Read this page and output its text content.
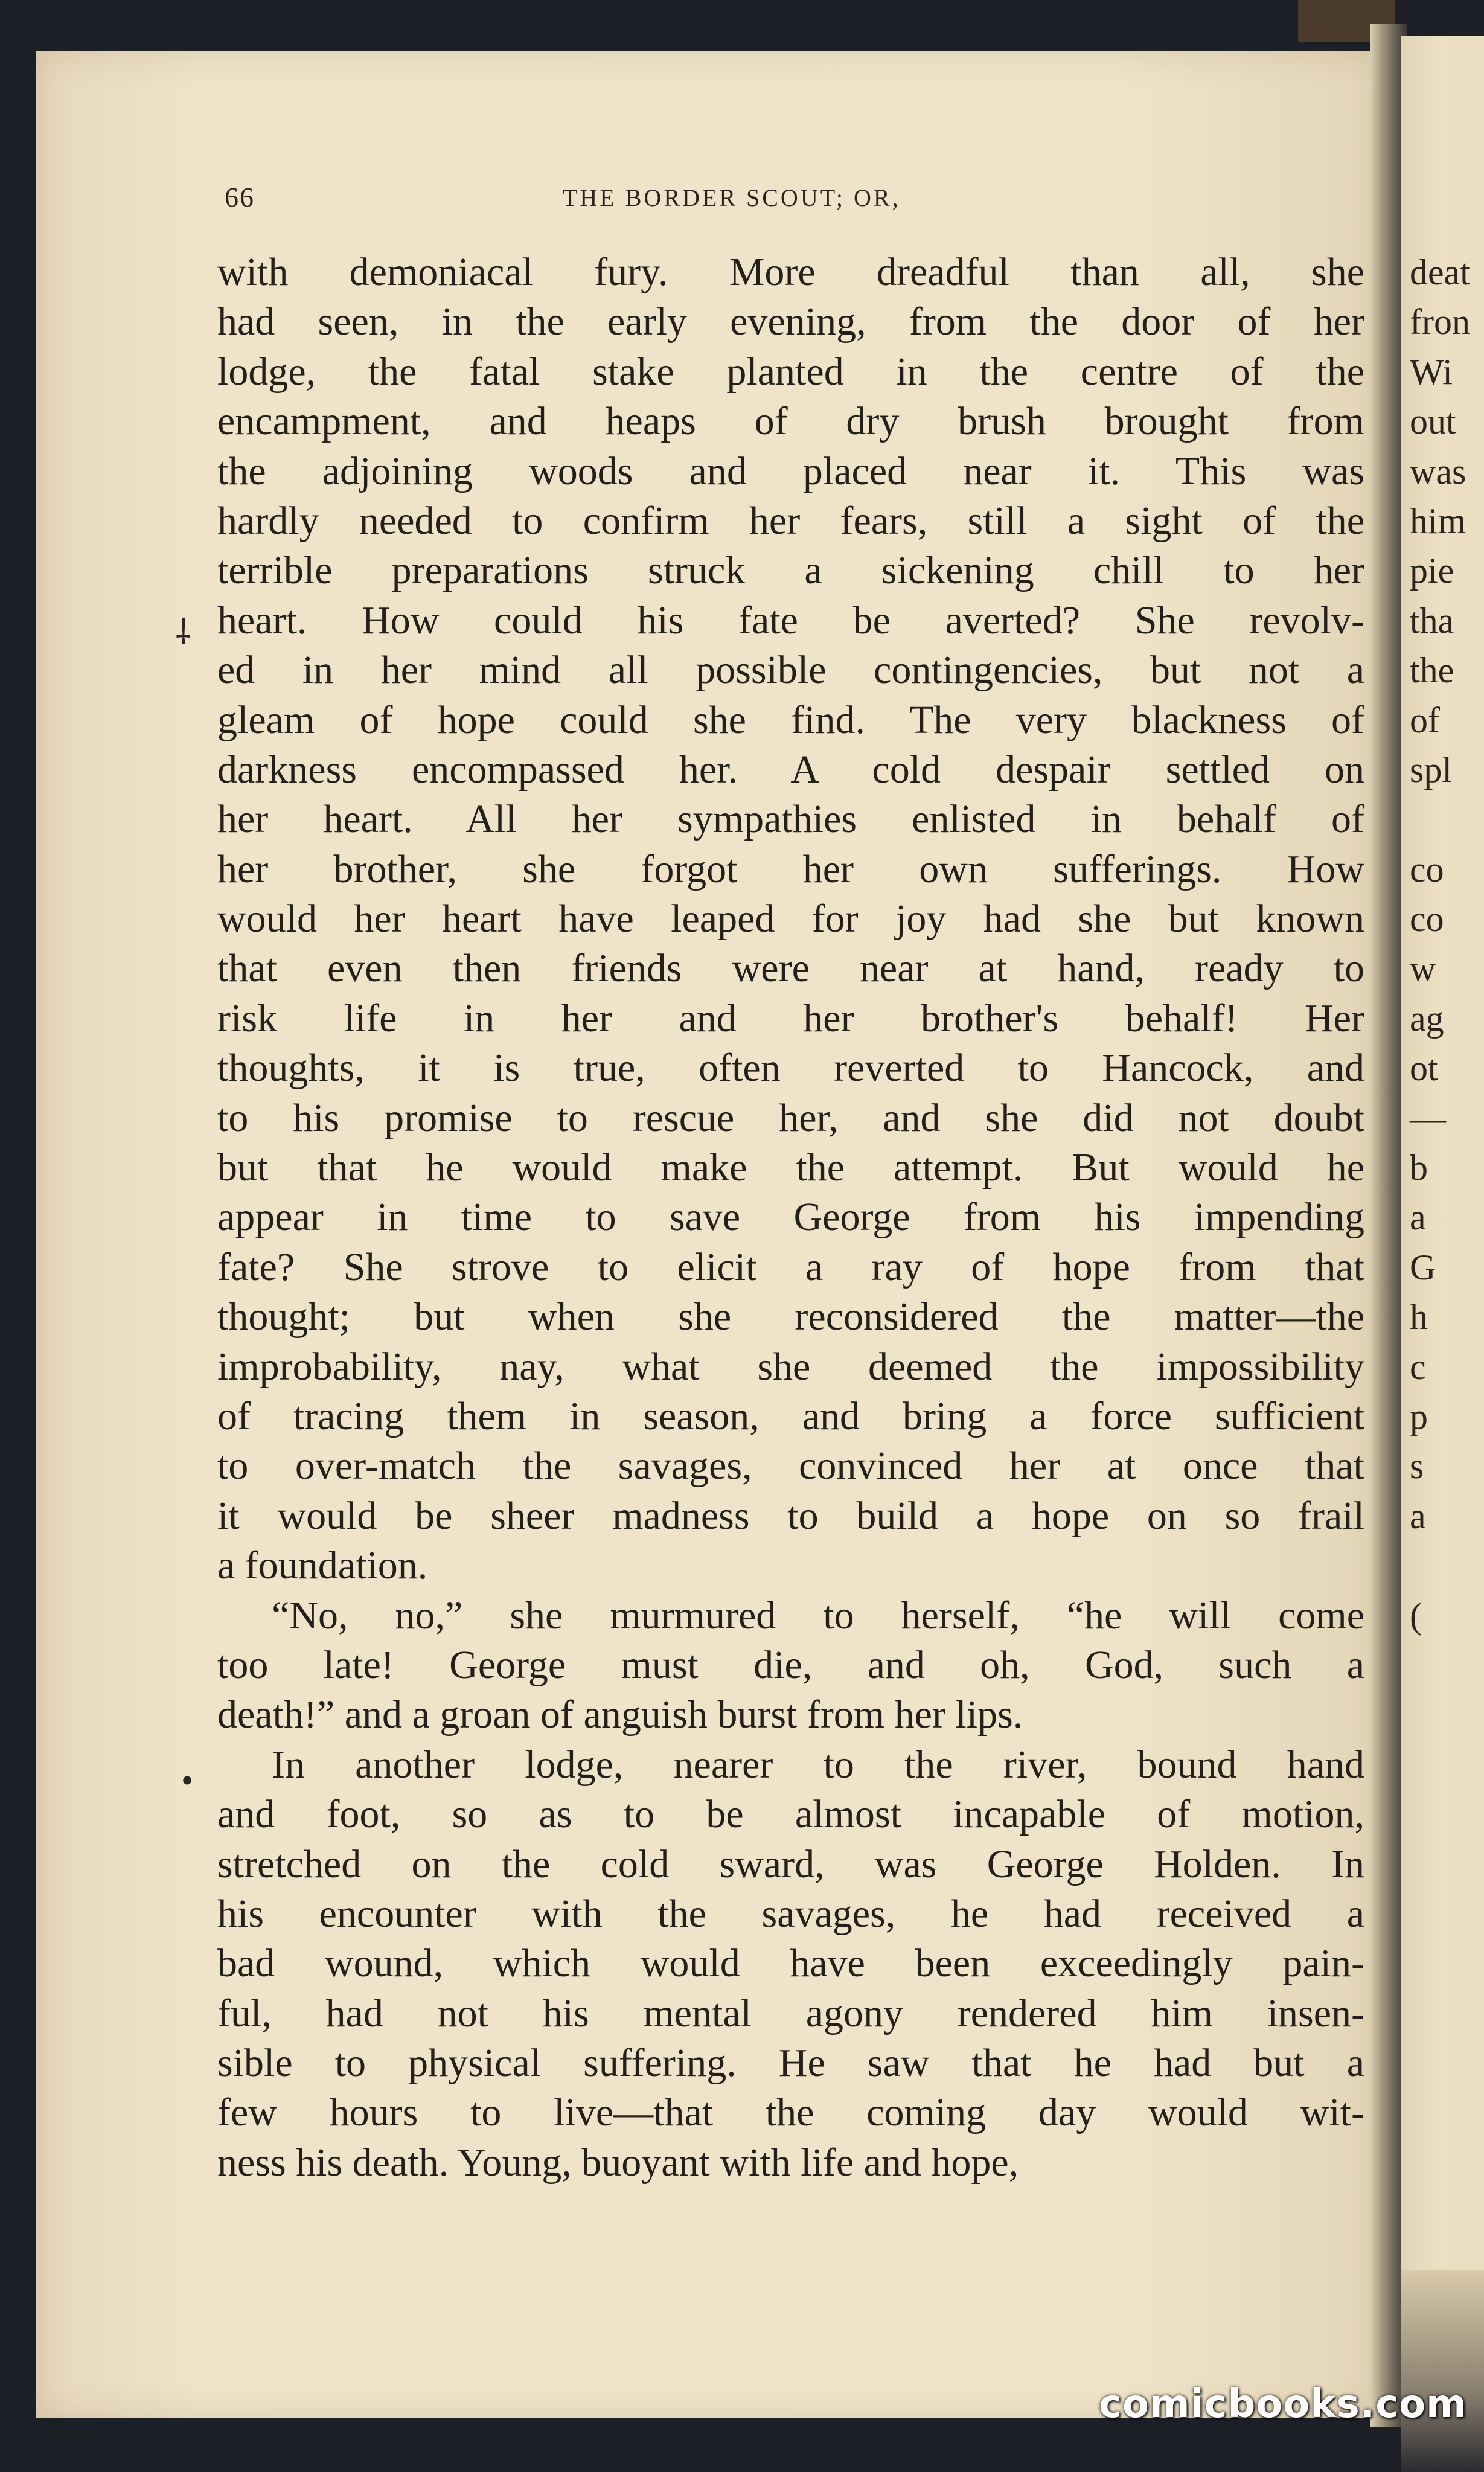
66	THE BORDER SCOUT; OR,
with demoniacal fury. More dreadful than all, she
had seen, in the early evening, from the door of her
lodge, the fatal stake planted in the centre of the
encampment, and heaps of dry brush brought from
the adjoining woods and placed near it. This was
hardly needed to confirm her fears, still a sight of the
terrible preparations struck a sickening chill to her
heart. How could his fate be averted? She revolv-
ed in her mind all possible contingencies, but not a
gleam of hope could she find. The very blackness of
darkness encompassed her. A cold despair settled on
her heart. All her sympathies enlisted in behalf of
her brother, she forgot her own sufferings. How
would her heart have leaped for joy had she but known
that even then friends were near at hand, ready to
risk life in her and her brother's behalf! Her
thoughts, it is true, often reverted to Hancock, and
to his promise to rescue her, and she did not doubt
but that he would make the attempt. But would he
appear in time to save George from his impending
fate? She strove to elicit a ray of hope from that
thought; but when she reconsidered the matter—the
improbability, nay, what she deemed the impossibility
of tracing them in season, and bring a force sufficient
to over-match the savages, convinced her at once that
it would be sheer madness to build a hope on so frail
a foundation.
“No, no,” she murmured to herself, “he will come
too late! George must die, and oh, God, such a
death!” and a groan of anguish burst from her lips.
In another lodge, nearer to the river, bound hand
and foot, so as to be almost incapable of motion,
stretched on the cold sward, was George Holden. In
his encounter with the savages, he had received a
bad wound, which would have been exceedingly pain-
ful, had not his mental agony rendered him insen-
sible to physical suffering. He saw that he had but a
few hours to live—that the coming day would wit-
ness his death. Young, buoyant with life and hope,
deat
fron
Wi
out
was
him
pie
tha
the
of
spl
co
co
w
ag
ot
—
b
a
G
h
c
p
s
a
(
⸸
•
comicbooks.com
